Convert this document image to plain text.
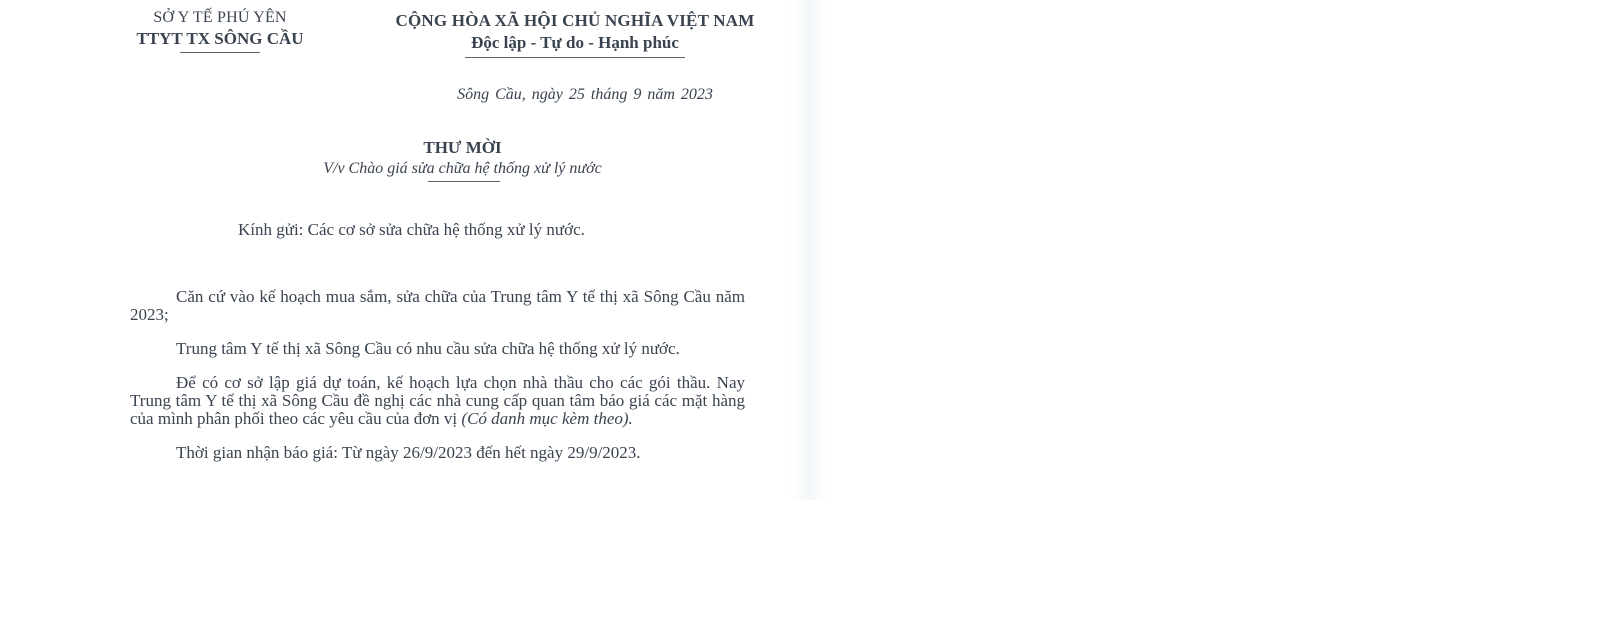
SỞ Y TẾ PHÚ YÊN
TTYT TX SÔNG CẦU
CỘNG HÒA XÃ HỘI CHỦ NGHĨA VIỆT NAM
Độc lập - Tự do - Hạnh phúc
Sông Cầu, ngày 25 tháng 9 năm 2023
THƯ MỜI
V/v Chào giá sửa chữa hệ thống xử lý nước
Kính gửi: Các cơ sở sửa chữa hệ thống xử lý nước.

Căn cứ vào kế hoạch mua sắm, sửa chữa của Trung tâm Y tế thị xã Sông Cầu năm 2023;

Trung tâm Y tế thị xã Sông Cầu có nhu cầu sửa chữa hệ thống xử lý nước.

Để có cơ sở lập giá dự toán, kế hoạch lựa chọn nhà thầu cho các gói thầu. Nay Trung tâm Y tế thị xã Sông Cầu đề nghị các nhà cung cấp quan tâm báo giá các mặt hàng của mình phân phối theo các yêu cầu của đơn vị (Có danh mục kèm theo).

Thời gian nhận báo giá: Từ ngày 26/9/2023 đến hết ngày 29/9/2023.
